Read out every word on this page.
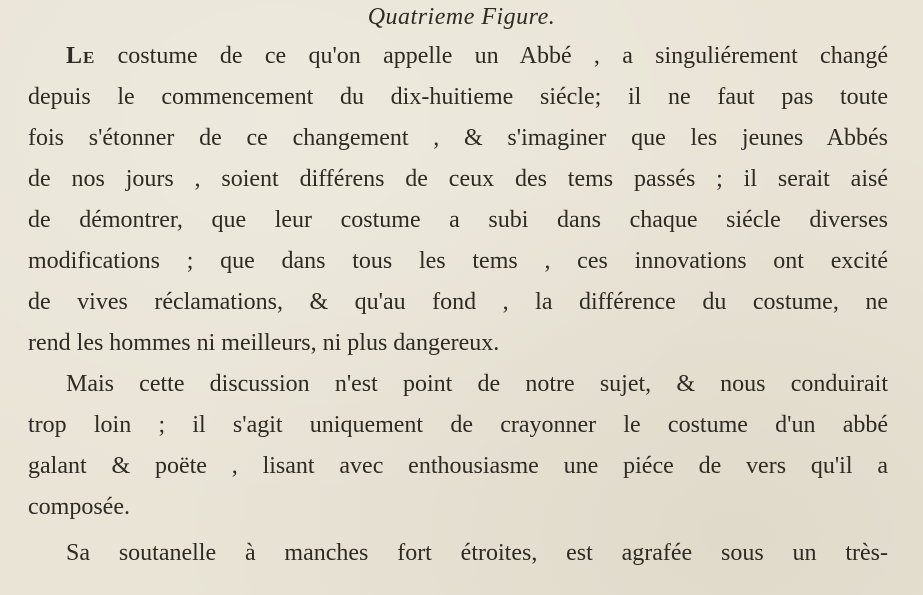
Quatrieme Figure.
Le costume de ce qu'on appelle un Abbé , a singuliérement changé
depuis le commencement du dix-huitieme siécle; il ne faut pas toute
fois s'étonner de ce changement , & s'imaginer que les jeunes Abbés
de nos jours , soient différens de ceux des tems passés ; il serait aisé
de démontrer, que leur costume a subi dans chaque siécle diverses
modifications ; que dans tous les tems , ces innovations ont excité
de vives réclamations, & qu'au fond , la différence du costume, ne
rend les hommes ni meilleurs, ni plus dangereux.
Mais cette discussion n'est point de notre sujet, & nous conduirait
trop loin ; il s'agit uniquement de crayonner le costume d'un abbé
galant & poëte , lisant avec enthousiasme une piéce de vers qu'il a
composée.
Sa soutanelle à manches fort étroites, est agrafée sous un très-
